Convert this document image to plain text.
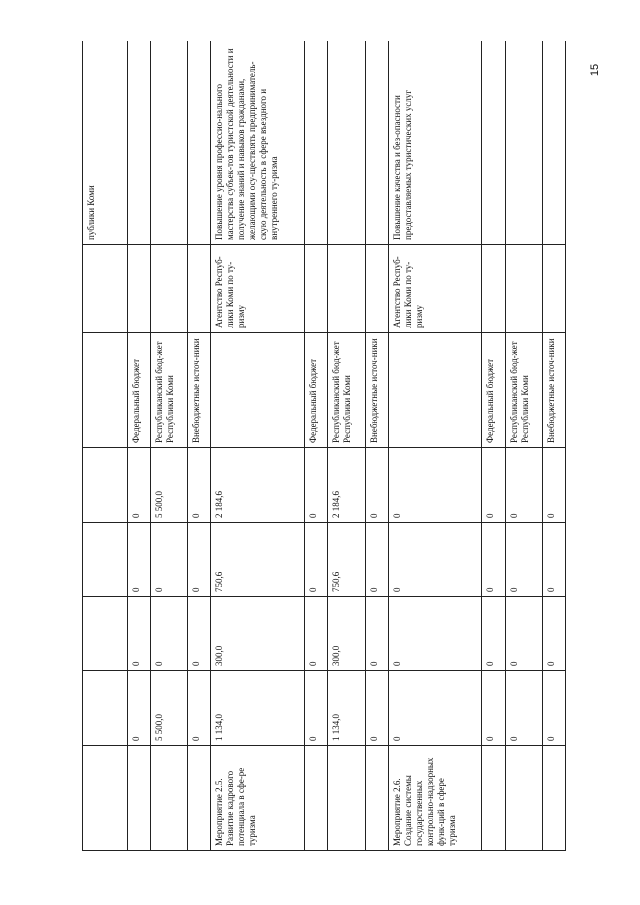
15
							публики Коми
	0	0	0	0	Федеральный бюджет		
	5 500,0	0	0	5 500,0	Республиканский бюд-жет Республики Коми		
	0	0	0	0	Внебюджетные источ-ники		
Мероприятие 2.5. Развитие кадрового потенциала в сфе-ре туризма	1 134,0	300,0	750,6	2 184,6		Агентство Респуб-лики Коми по ту-ризму	Повышение уровня профессио-нального мастерства субъек-тов туристской деятельности и получение знаний и навыков гражданами, желающими осу-ществлять предприниматель-скую деятельность в сфере въездного и внутреннего ту-ризма
	0	0	0	0	Федеральный бюджет		
	1 134,0	300,0	750,6	2 184,6	Республиканский бюд-жет Республики Коми		
	0	0	0	0	Внебюджетные источ-ники		
Мероприятие 2.6. Создание системы государственных контрольно-надзорных функ-ций в сфере туризма	0	0	0	0		Агентство Респуб-лики Коми по ту-ризму	Повышение качества и без-опасности предоставляемых туристических услуг
	0	0	0	0	Федеральный бюджет		
	0	0	0	0	Республиканский бюд-жет Республики Коми		
	0	0	0	0	Внебюджетные источ-ники		
